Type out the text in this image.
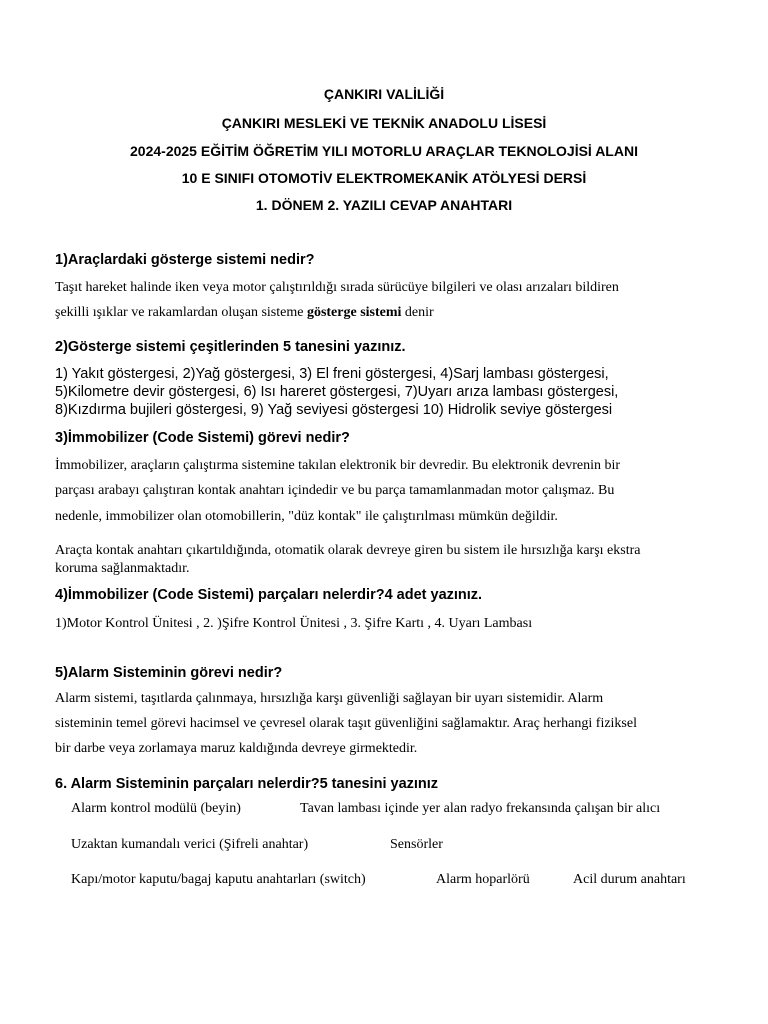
ÇANKIRI VALİLİĞİ
ÇANKIRI MESLEKİ VE TEKNİK ANADOLU LİSESİ
2024-2025 EĞİTİM ÖĞRETİM YILI MOTORLU ARAÇLAR TEKNOLOJİSİ ALANI
10 E SINIFI OTOMOTİV ELEKTROMEKANİK ATÖLYESİ DERSİ
1. DÖNEM 2. YAZILI CEVAP ANAHTARI
1)Araçlardaki gösterge sistemi nedir?
Taşıt hareket halinde iken veya motor çalıştırıldığı sırada sürücüye bilgileri ve olası arızaları bildiren
şekilli ışıklar ve rakamlardan oluşan sisteme gösterge sistemi denir
2)Gösterge sistemi çeşitlerinden 5 tanesini yazınız.
1) Yakıt göstergesi, 2)Yağ göstergesi, 3) El freni göstergesi, 4)Sarj lambası göstergesi,
5)Kilometre devir göstergesi, 6) Isı hareret göstergesi, 7)Uyarı arıza lambası göstergesi,
8)Kızdırma bujileri göstergesi, 9) Yağ seviyesi göstergesi 10) Hidrolik seviye göstergesi
3)İmmobilizer (Code Sistemi) görevi nedir?
İmmobilizer, araçların çalıştırma sistemine takılan elektronik bir devredir. Bu elektronik devrenin bir
parçası arabayı çalıştıran kontak anahtarı içindedir ve bu parça tamamlanmadan motor çalışmaz. Bu
nedenle, immobilizer olan otomobillerin, "düz kontak" ile çalıştırılması mümkün değildir.
Araçta kontak anahtarı çıkartıldığında, otomatik olarak devreye giren bu sistem ile hırsızlığa karşı ekstra
koruma sağlanmaktadır.
4)İmmobilizer (Code Sistemi) parçaları nelerdir?4 adet yazınız.
1)Motor Kontrol Ünitesi , 2. )Şifre Kontrol Ünitesi , 3. Şifre Kartı , 4. Uyarı Lambası
5)Alarm Sisteminin görevi nedir?
Alarm sistemi, taşıtlarda çalınmaya, hırsızlığa karşı güvenliği sağlayan bir uyarı sistemidir. Alarm
sisteminin temel görevi hacimsel ve çevresel olarak taşıt güvenliğini sağlamaktır. Araç herhangi fiziksel
bir darbe veya zorlamaya maruz kaldığında devreye girmektedir.
6. Alarm Sisteminin parçaları nelerdir?5 tanesini yazınız
Alarm kontrol modülü (beyin)	Tavan lambası içinde yer alan radyo frekansında çalışan bir alıcı
Uzaktan kumandalı verici (Şifreli anahtar)	Sensörler
Kapı/motor kaputu/bagaj kaputu anahtarları (switch)	Alarm hoparlörü	Acil durum anahtarı
